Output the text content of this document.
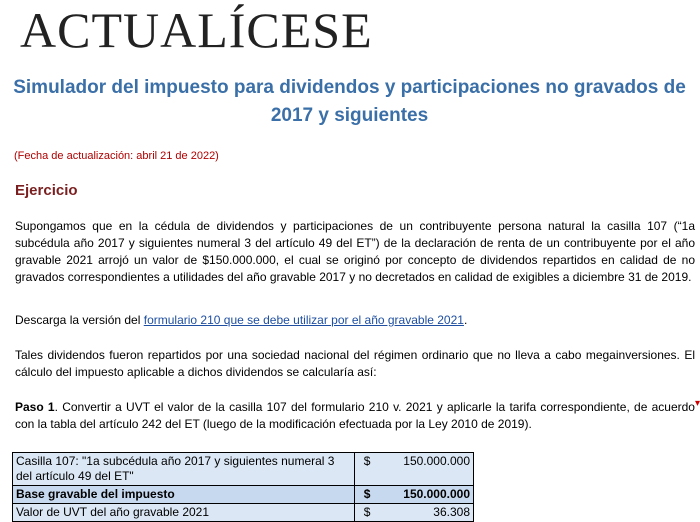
ACTUALÍCESE
Simulador del impuesto para dividendos y participaciones no gravados de 2017 y siguientes
(Fecha de actualización: abril 21 de 2022)
Ejercicio
Supongamos que en la cédula de dividendos y participaciones de un contribuyente persona natural la casilla 107 (“1a subcédula año 2017 y siguientes numeral 3 del artículo 49 del ET”) de la declaración de renta de un contribuyente por el año gravable 2021 arrojó un valor de $150.000.000, el cual se originó por concepto de dividendos repartidos en calidad de no gravados correspondientes a utilidades del año gravable 2017 y no decretados en calidad de exigibles a diciembre 31 de 2019.
Descarga la versión del formulario 210 que se debe utilizar por el año gravable 2021.
Tales dividendos fueron repartidos por una sociedad nacional del régimen ordinario que no lleva a cabo megainversiones. El cálculo del impuesto aplicable a dichos dividendos se calcularía así:
Paso 1. Convertir a UVT el valor de la casilla 107 del formulario 210 v. 2021 y aplicarle la tarifa correspondiente, de acuerdo con la tabla del artículo 242 del ET (luego de la modificación efectuada por la Ley 2010 de 2019).
▾
Casilla 107: "1a subcédula año 2017 y siguientes numeral 3 del artículo 49 del ET"	$	150.000.000
Base gravable del impuesto	$	150.000.000
Valor de UVT del año gravable 2021	$	36.308
